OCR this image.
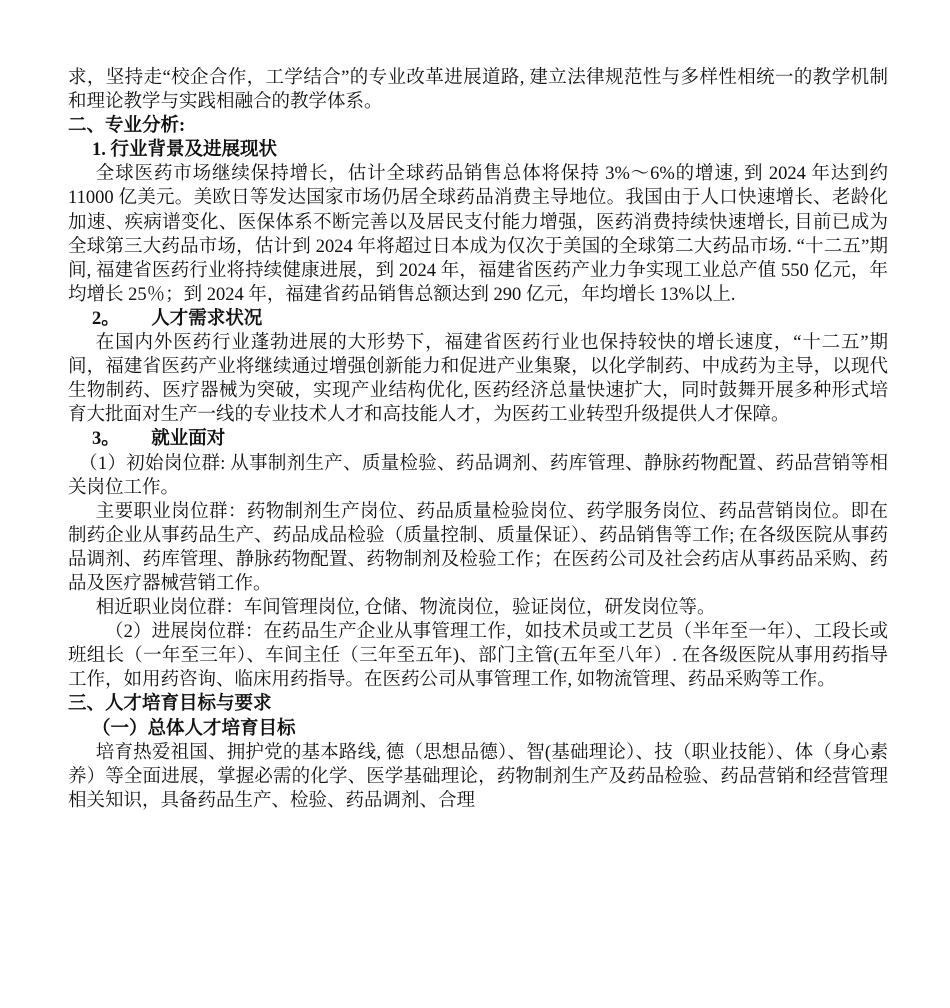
求，坚持走“校企合作，工学结合”的专业改革进展道路, 建立法律规范性与多样性相统一的教学机制和理论教学与实践相融合的教学体系。

二、专业分析:

1. 行业背景及进展现状

全球医药市场继续保持增长，估计全球药品销售总体将保持 3%～6%的增速, 到 2024 年达到约 11000 亿美元。美欧日等发达国家市场仍居全球药品消费主导地位。我国由于人口快速增长、老龄化加速、疾病谱变化、医保体系不断完善以及居民支付能力增强，医药消费持续快速增长, 目前已成为全球第三大药品市场，估计到 2024 年将超过日本成为仅次于美国的全球第二大药品市场. “十二五”期间, 福建省医药行业将持续健康进展，到 2024 年，福建省医药产业力争实现工业总产值 550 亿元，年均增长 25％；到 2024 年，福建省药品销售总额达到 290 亿元，年均增长 13%以上.

2。 人才需求状况

在国内外医药行业蓬勃进展的大形势下，福建省医药行业也保持较快的增长速度，“十二五”期间，福建省医药产业将继续通过增强创新能力和促进产业集聚，以化学制药、中成药为主导，以现代生物制药、医疗器械为突破，实现产业结构优化, 医药经济总量快速扩大，同时鼓舞开展多种形式培育大批面对生产一线的专业技术人才和高技能人才，为医药工业转型升级提供人才保障。

3。 就业面对

（1）初始岗位群: 从事制剂生产、质量检验、药品调剂、药库管理、静脉药物配置、药品营销等相关岗位工作。

主要职业岗位群：药物制剂生产岗位、药品质量检验岗位、药学服务岗位、药品营销岗位。即在制药企业从事药品生产、药品成品检验（质量控制、质量保证）、药品销售等工作; 在各级医院从事药品调剂、药库管理、静脉药物配置、药物制剂及检验工作；在医药公司及社会药店从事药品采购、药品及医疗器械营销工作。

相近职业岗位群：车间管理岗位, 仓储、物流岗位，验证岗位，研发岗位等。

（2）进展岗位群：在药品生产企业从事管理工作，如技术员或工艺员（半年至一年）、工段长或班组长（一年至三年）、车间主任（三年至五年)、部门主管(五年至八年）. 在各级医院从事用药指导工作，如用药咨询、临床用药指导。在医药公司从事管理工作, 如物流管理、药品采购等工作。

三、人才培育目标与要求

（一）总体人才培育目标

培育热爱祖国、拥护党的基本路线, 德（思想品德）、智(基础理论）、技（职业技能）、体（身心素养）等全面进展，掌握必需的化学、医学基础理论，药物制剂生产及药品检验、药品营销和经营管理相关知识，具备药品生产、检验、药品调剂、合理
